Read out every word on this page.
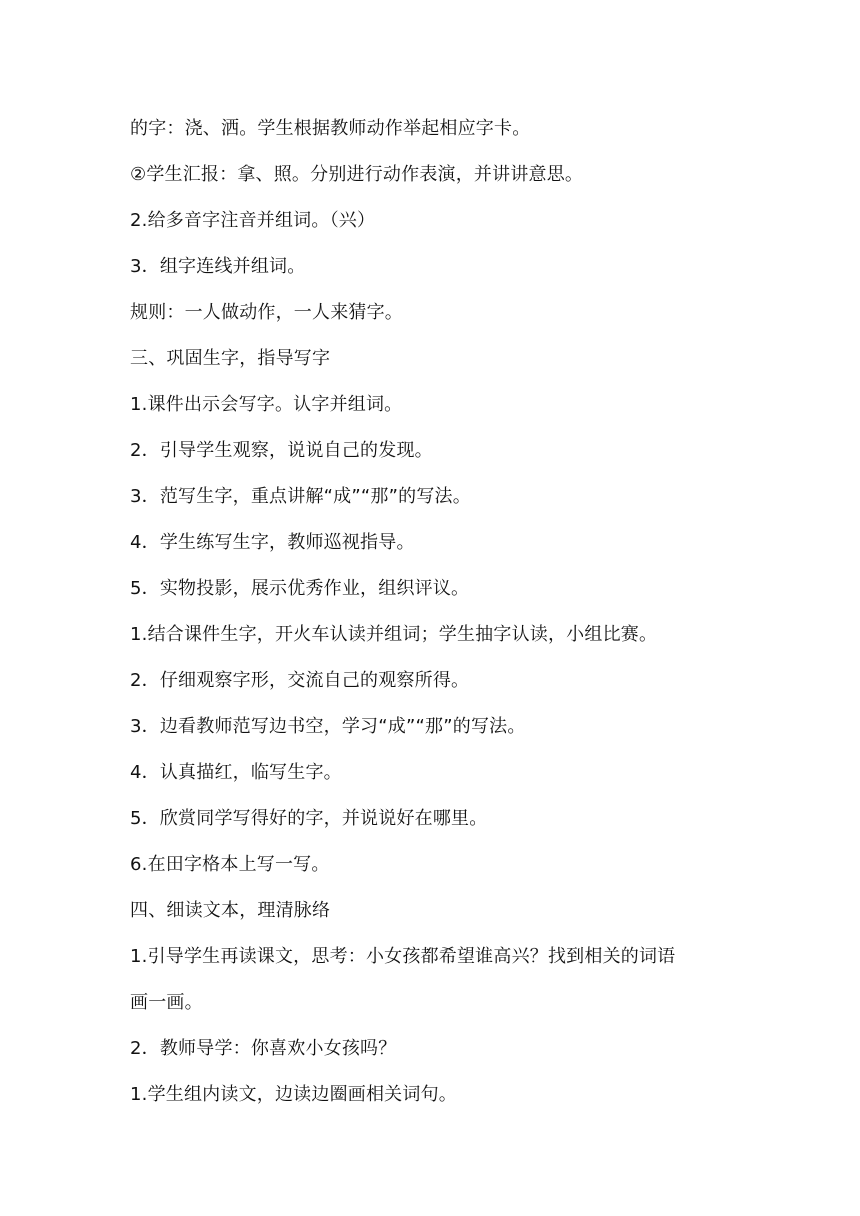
的字：浇、洒。学生根据教师动作举起相应字卡。
②学生汇报：拿、照。分别进行动作表演，并讲讲意思。
2.给多音字注音并组词。（兴）
3．组字连线并组词。
规则：一人做动作，一人来猜字。
三、巩固生字，指导写字
1.课件出示会写字。认字并组词。
2．引导学生观察，说说自己的发现。
3．范写生字，重点讲解“成”“那”的写法。
4．学生练写生字，教师巡视指导。
5．实物投影，展示优秀作业，组织评议。
1.结合课件生字，开火车认读并组词；学生抽字认读，小组比赛。
2．仔细观察字形，交流自己的观察所得。
3．边看教师范写边书空，学习“成”“那”的写法。
4．认真描红，临写生字。
5．欣赏同学写得好的字，并说说好在哪里。
6.在田字格本上写一写。
四、细读文本，理清脉络
1.引导学生再读课文，思考：小女孩都希望谁高兴？找到相关的词语
画一画。
2．教师导学：你喜欢小女孩吗？
1.学生组内读文，边读边圈画相关词句。
